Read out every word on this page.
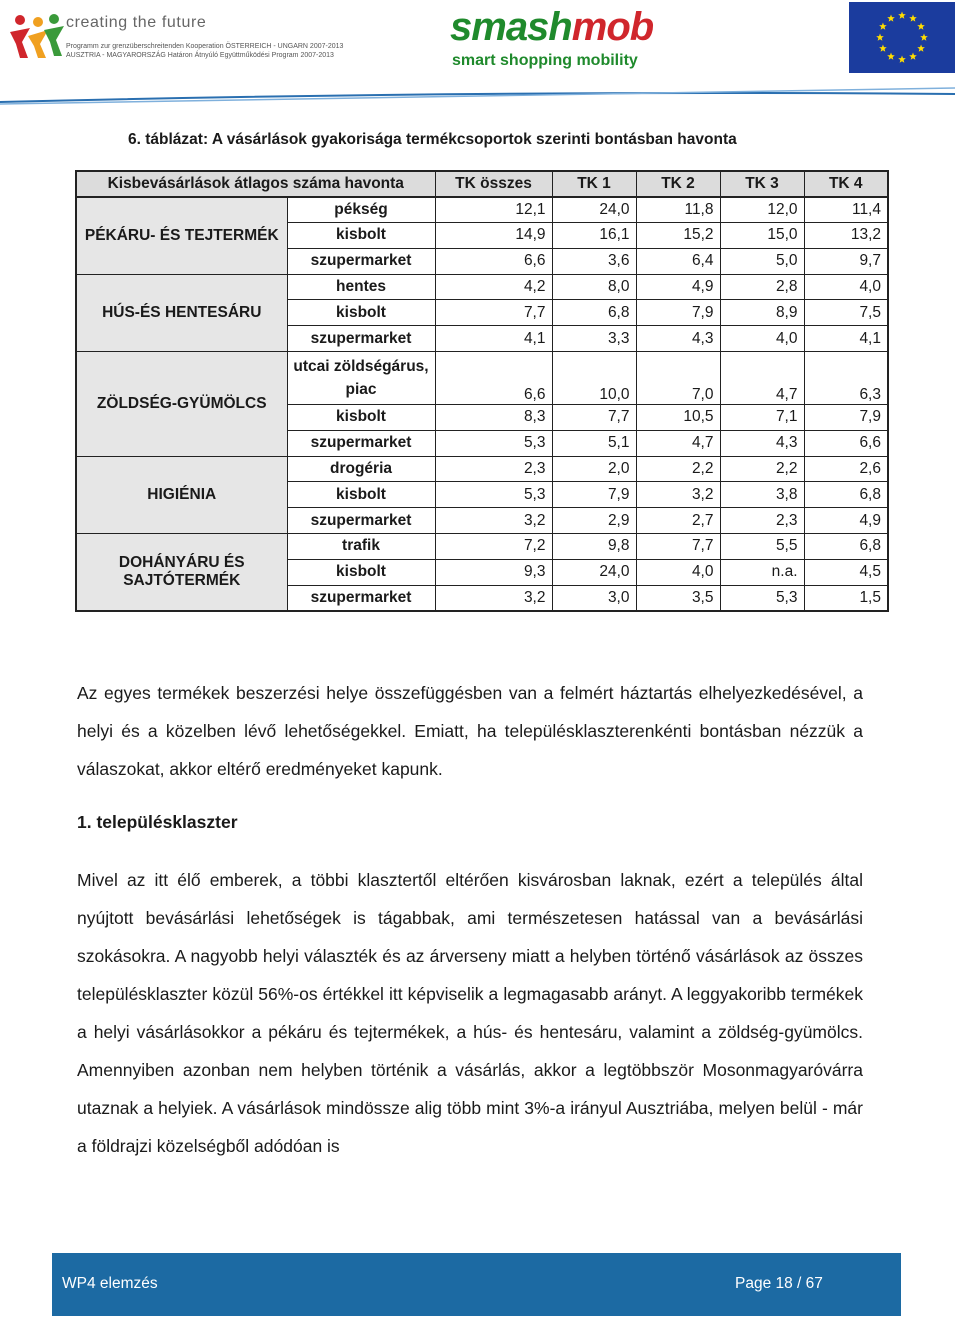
creating the future
Programm zur grenzüberschreitenden Kooperation ÖSTERREICH - UNGARN 2007-2013
AUSZTRIA - MAGYARORSZÁG Határon Átnyúló Együttműködési Program 2007-2013
smashmob
smart shopping mobility
6. táblázat: A vásárlások gyakorisága termékcsoportok szerinti bontásban havonta
Kisbevásárlások átlagos száma havonta		TK összes	TK 1	TK 2	TK 3	TK 4
PÉKÁRU- ÉS TEJTERMÉK	pékség	12,1	24,0	11,8	12,0	11,4
	kisbolt	14,9	16,1	15,2	15,0	13,2
	szupermarket	6,6	3,6	6,4	5,0	9,7
HÚS-ÉS HENTESÁRU	hentes	4,2	8,0	4,9	2,8	4,0
	kisbolt	7,7	6,8	7,9	8,9	7,5
	szupermarket	4,1	3,3	4,3	4,0	4,1
ZÖLDSÉG-GYÜMÖLCS	utcai zöldségárus, piac	6,6	10,0	7,0	4,7	6,3
	kisbolt	8,3	7,7	10,5	7,1	7,9
	szupermarket	5,3	5,1	4,7	4,3	6,6
HIGIÉNIA	drogéria	2,3	2,0	2,2	2,2	2,6
	kisbolt	5,3	7,9	3,2	3,8	6,8
	szupermarket	3,2	2,9	2,7	2,3	4,9
DOHÁNYÁRU ÉS SAJTÓTERMÉK	trafik	7,2	9,8	7,7	5,5	6,8
	kisbolt	9,3	24,0	4,0	n.a.	4,5
	szupermarket	3,2	3,0	3,5	5,3	1,5
Az egyes termékek beszerzési helye összefüggésben van a felmért háztartás elhelyezkedésével, a helyi és a közelben lévő lehetőségekkel. Emiatt, ha településklaszterenkénti bontásban nézzük a válaszokat, akkor eltérő eredményeket kapunk.
1. településklaszter
Mivel az itt élő emberek, a többi klasztertől eltérően kisvárosban laknak, ezért a település által nyújtott bevásárlási lehetőségek is tágabbak, ami természetesen hatással van a bevásárlási szokásokra. A nagyobb helyi választék és az árverseny miatt a helyben történő vásárlások az összes településklaszter közül 56%-os értékkel itt képviselik a legmagasabb arányt. A leggyakoribb termékek a helyi vásárlásokkor a pékáru és tejtermékek, a hús- és hentesáru, valamint a zöldség-gyümölcs. Amennyiben azonban nem helyben történik a vásárlás, akkor a legtöbbször Mosonmagyaróvárra utaznak a helyiek. A vásárlások mindössze alig több mint 3%-a irányul Ausztriába, melyen belül - már a földrajzi közelségből adódóan is
WP4 elemzés	Page 18 / 67
